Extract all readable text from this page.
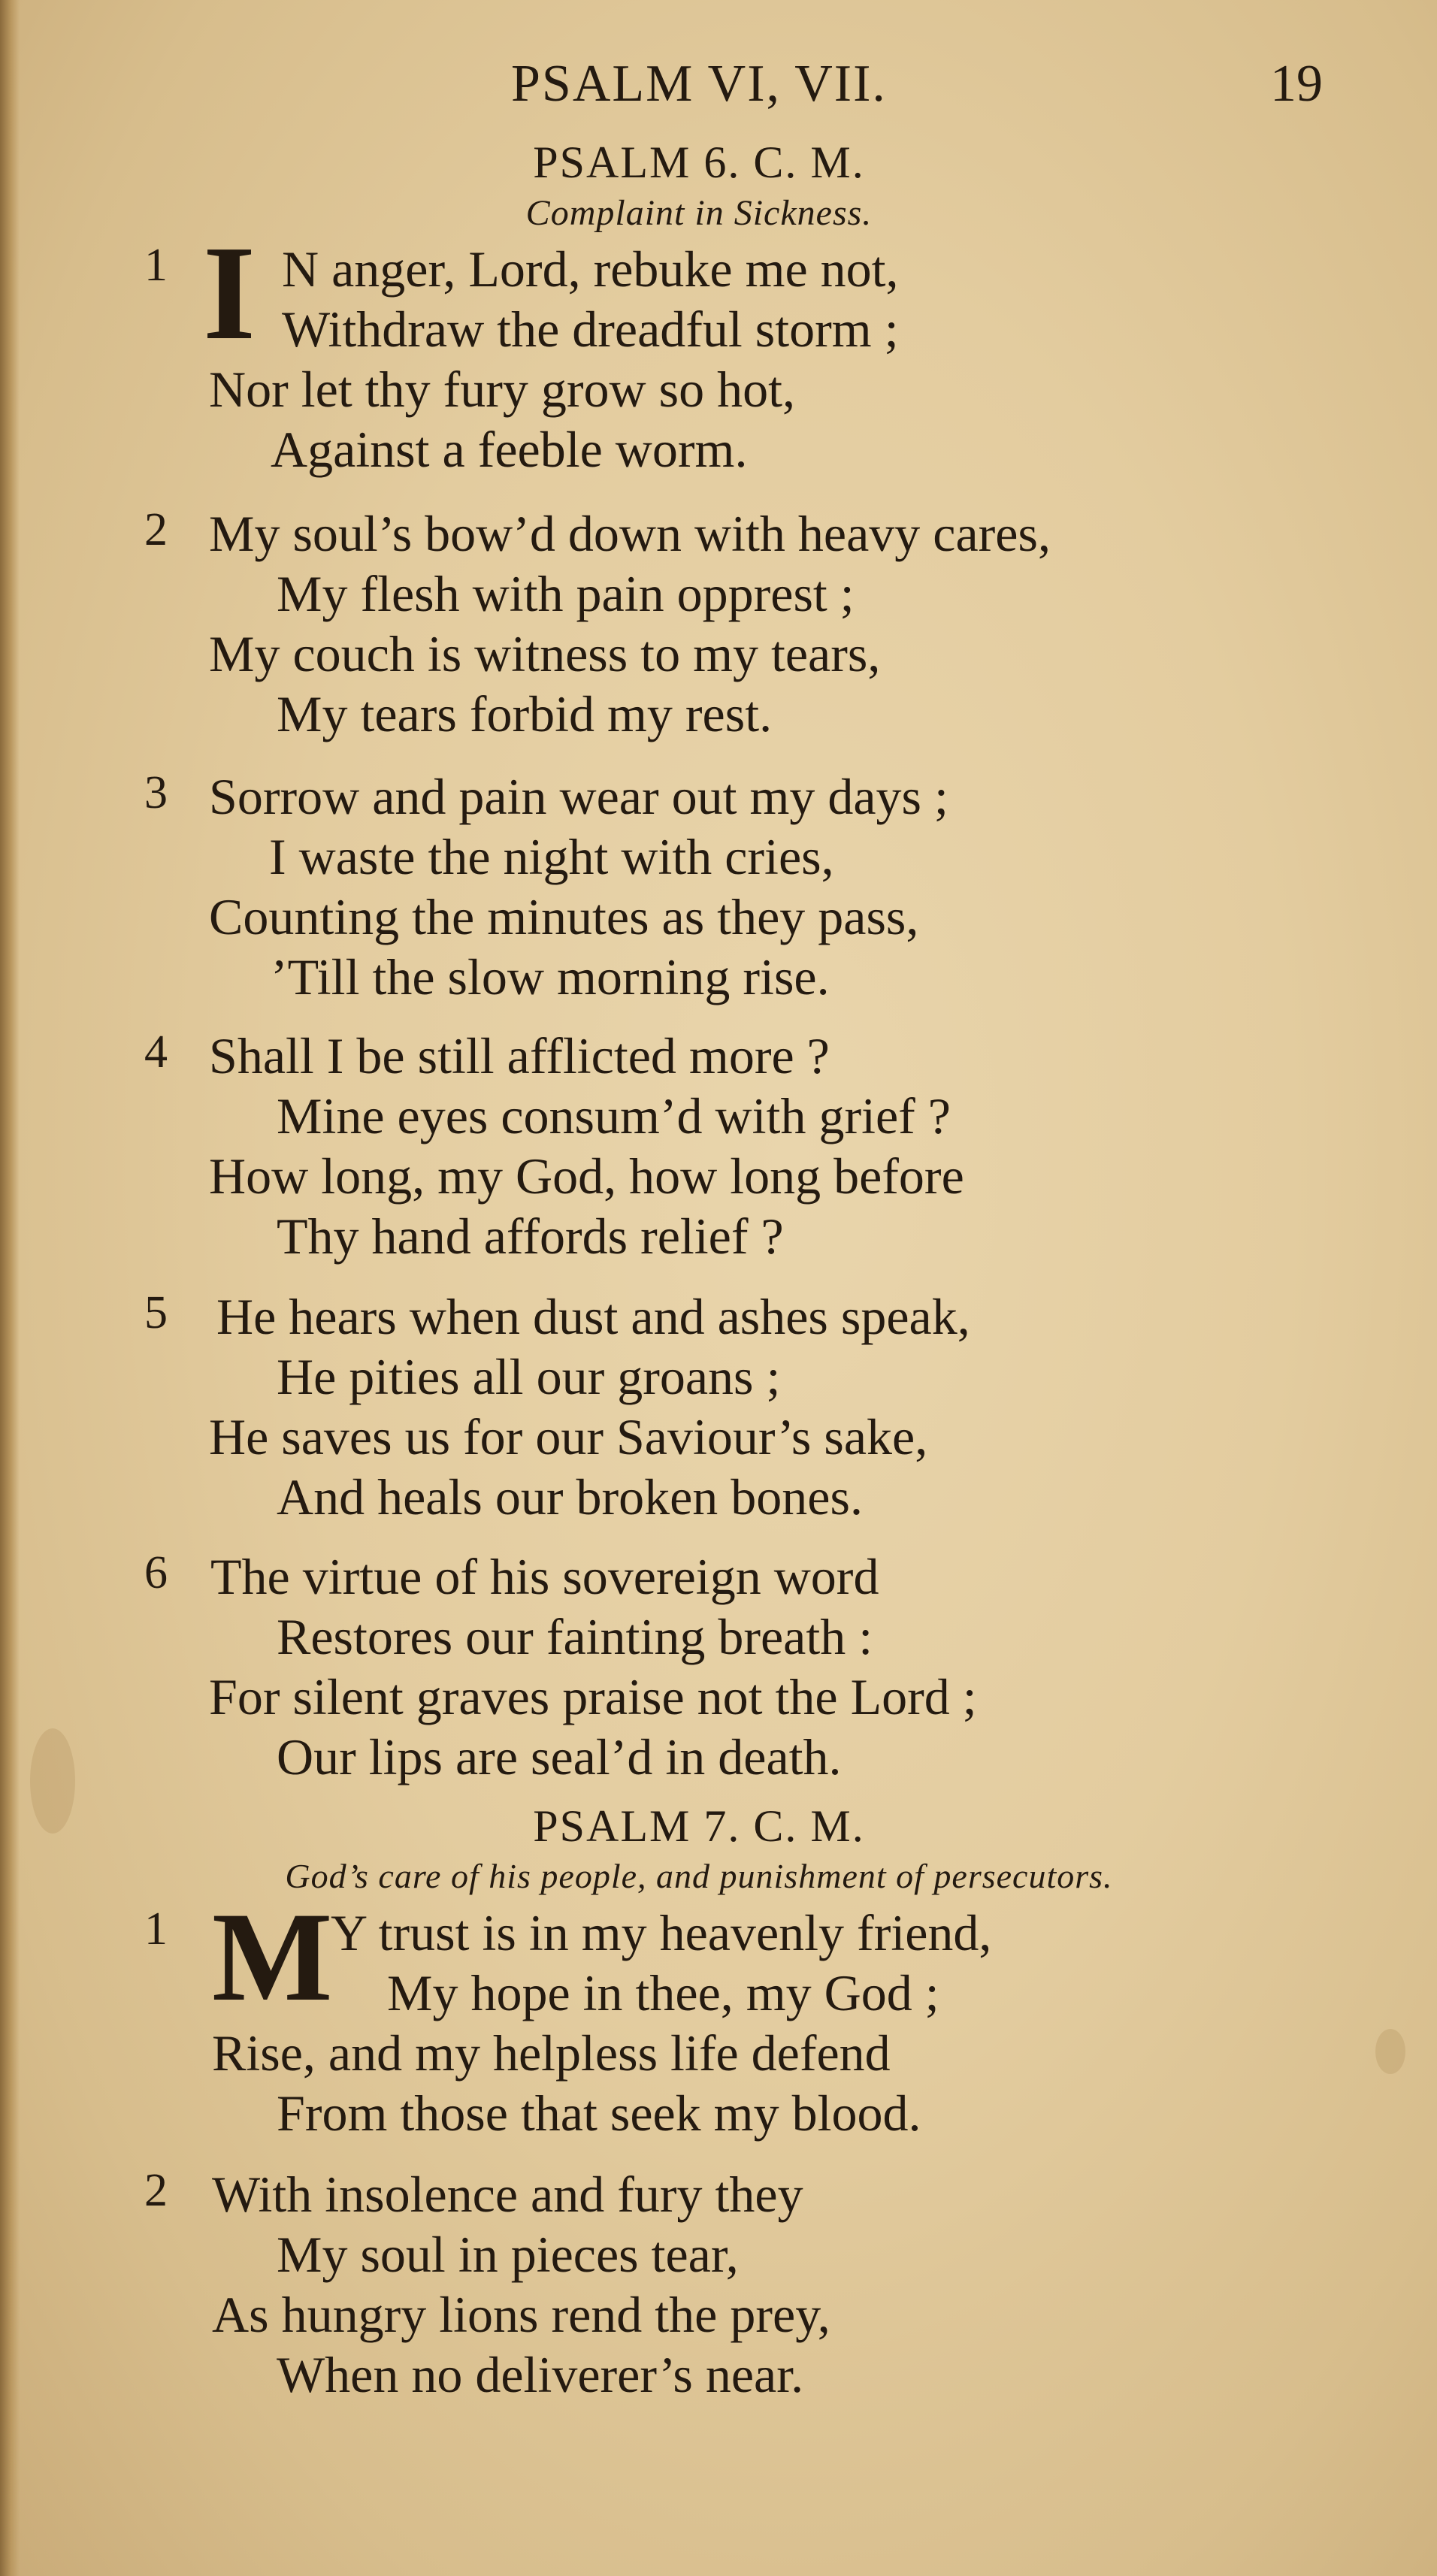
PSALM VI, VII.	19
PSALM 6. C. M.
Complaint in Sickness.
1 I N anger, Lord, rebuke me not,
Withdraw the dreadful storm ;
Nor let thy fury grow so hot,
Against a feeble worm.
2 My soul’s bow’d down with heavy cares,
My flesh with pain opprest ;
My couch is witness to my tears,
My tears forbid my rest.
3 Sorrow and pain wear out my days ;
I waste the night with cries,
Counting the minutes as they pass,
’Till the slow morning rise.
4 Shall I be still afflicted more ?
Mine eyes consum’d with grief ?
How long, my God, how long before
Thy hand affords relief ?
5 He hears when dust and ashes speak,
He pities all our groans ;
He saves us for our Saviour’s sake,
And heals our broken bones.
6 The virtue of his sovereign word
Restores our fainting breath :
For silent graves praise not the Lord ;
Our lips are seal’d in death.
PSALM 7. C. M.
God’s care of his people, and punishment of persecutors.
1 M
Y trust is in my heavenly friend,
My hope in thee, my God ;
Rise, and my helpless life defend
From those that seek my blood.
2 With insolence and fury they
My soul in pieces tear,
As hungry lions rend the prey,
When no deliverer’s near.
